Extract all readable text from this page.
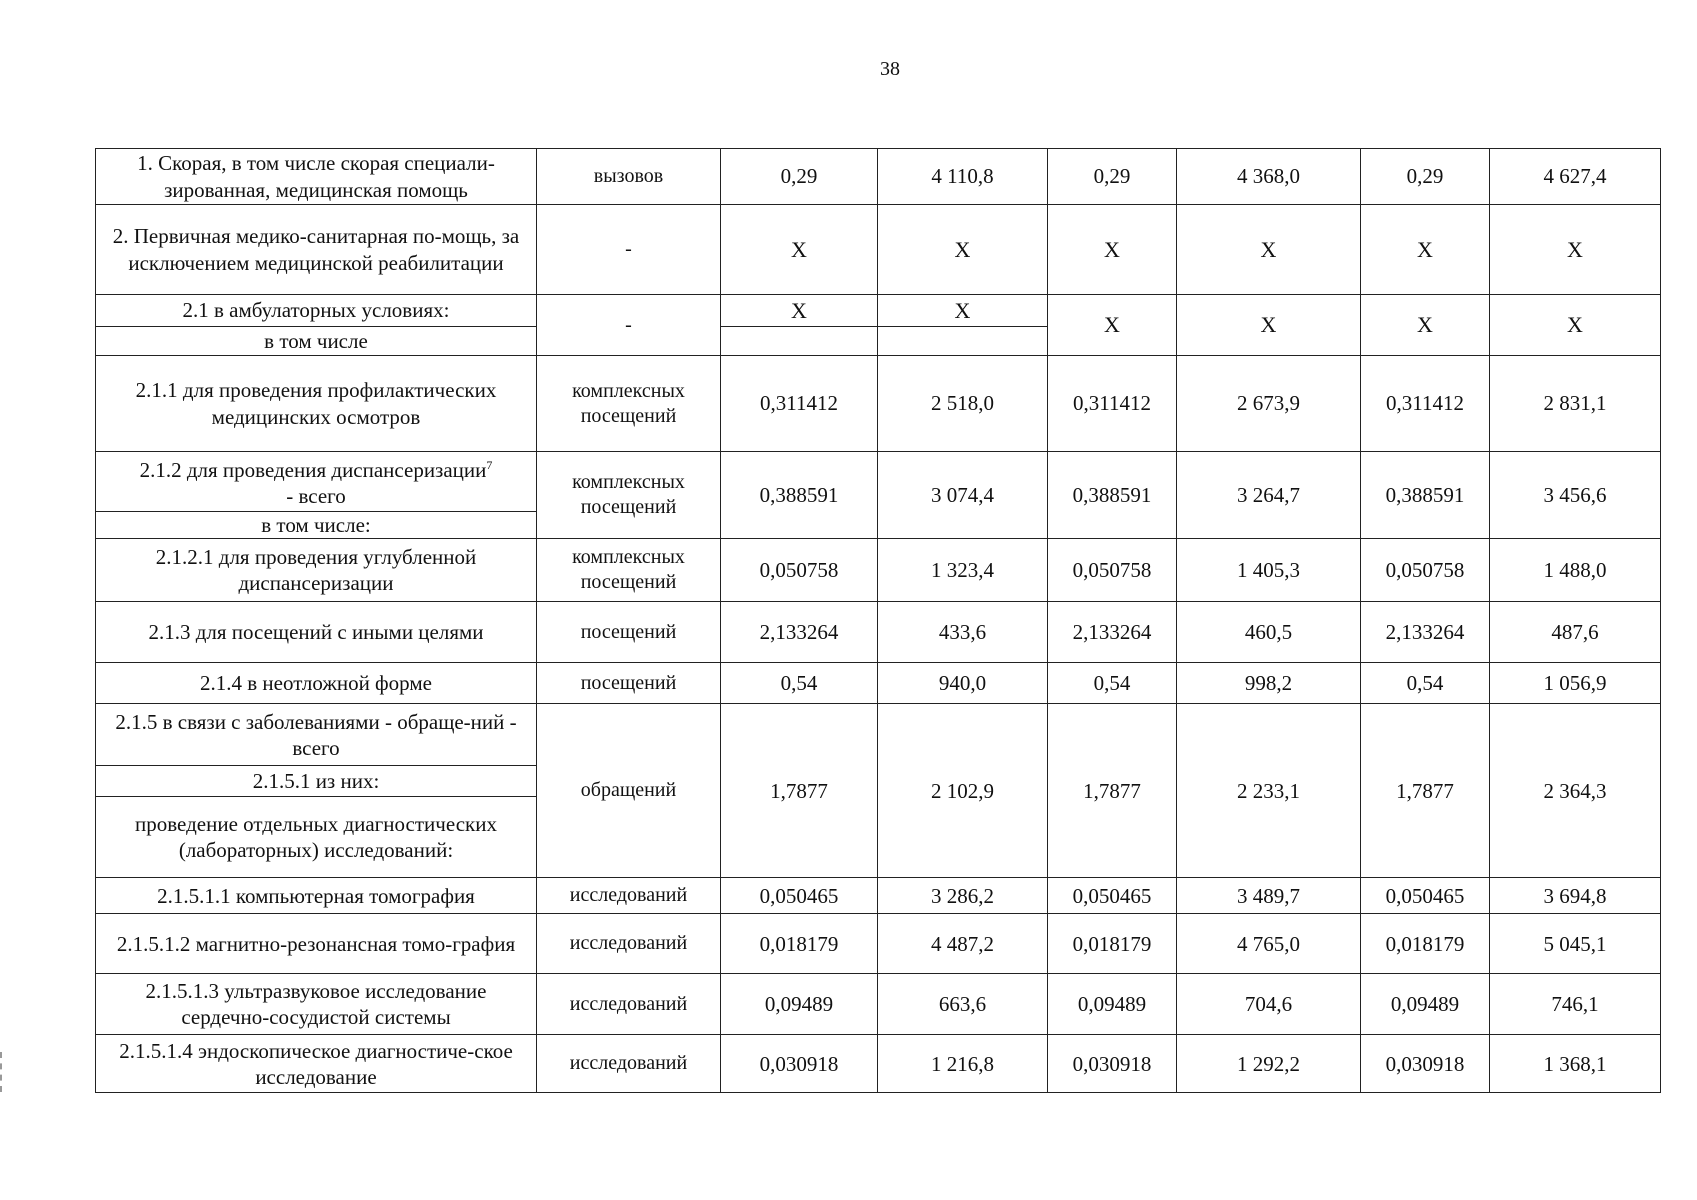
38
1. Скорая, в том числе скорая специали-зированная, медицинская помощь	вызовов	0,29	4 110,8	0,29	4 368,0	0,29	4 627,4
2. Первичная медико-санитарная по-мощь, за исключением медицинской реабилитации	-	X	X	X	X	X	X
2.1 в амбулаторных условиях:	-	X	X	X	X	X	X
в том числе							
2.1.1 для проведения профилактических медицинских осмотров	комплексных посещений	0,311412	2 518,0	0,311412	2 673,9	0,311412	2 831,1
2.1.2 для проведения диспансеризации$^7$
- всего	комплексных посещений	0,388591	3 074,4	0,388591	3 264,7	0,388591	3 456,6
в том числе:							
2.1.2.1 для проведения углубленной диспансеризации	комплексных посещений	0,050758	1 323,4	0,050758	1 405,3	0,050758	1 488,0
2.1.3 для посещений с иными целями	посещений	2,133264	433,6	2,133264	460,5	2,133264	487,6
2.1.4 в неотложной форме	посещений	0,54	940,0	0,54	998,2	0,54	1 056,9
2.1.5 в связи с заболеваниями - обраще-ний - всего	обращений	1,7877	2 102,9	1,7877	2 233,1	1,7877	2 364,3
2.1.5.1 из них:							
проведение отдельных диагностических (лабораторных) исследований:							
2.1.5.1.1 компьютерная томография	исследований	0,050465	3 286,2	0,050465	3 489,7	0,050465	3 694,8
2.1.5.1.2 магнитно-резонансная томо-графия	исследований	0,018179	4 487,2	0,018179	4 765,0	0,018179	5 045,1
2.1.5.1.3 ультразвуковое исследование сердечно-сосудистой системы	исследований	0,09489	663,6	0,09489	704,6	0,09489	746,1
2.1.5.1.4 эндоскопическое диагностиче-ское исследование	исследований	0,030918	1 216,8	0,030918	1 292,2	0,030918	1 368,1
